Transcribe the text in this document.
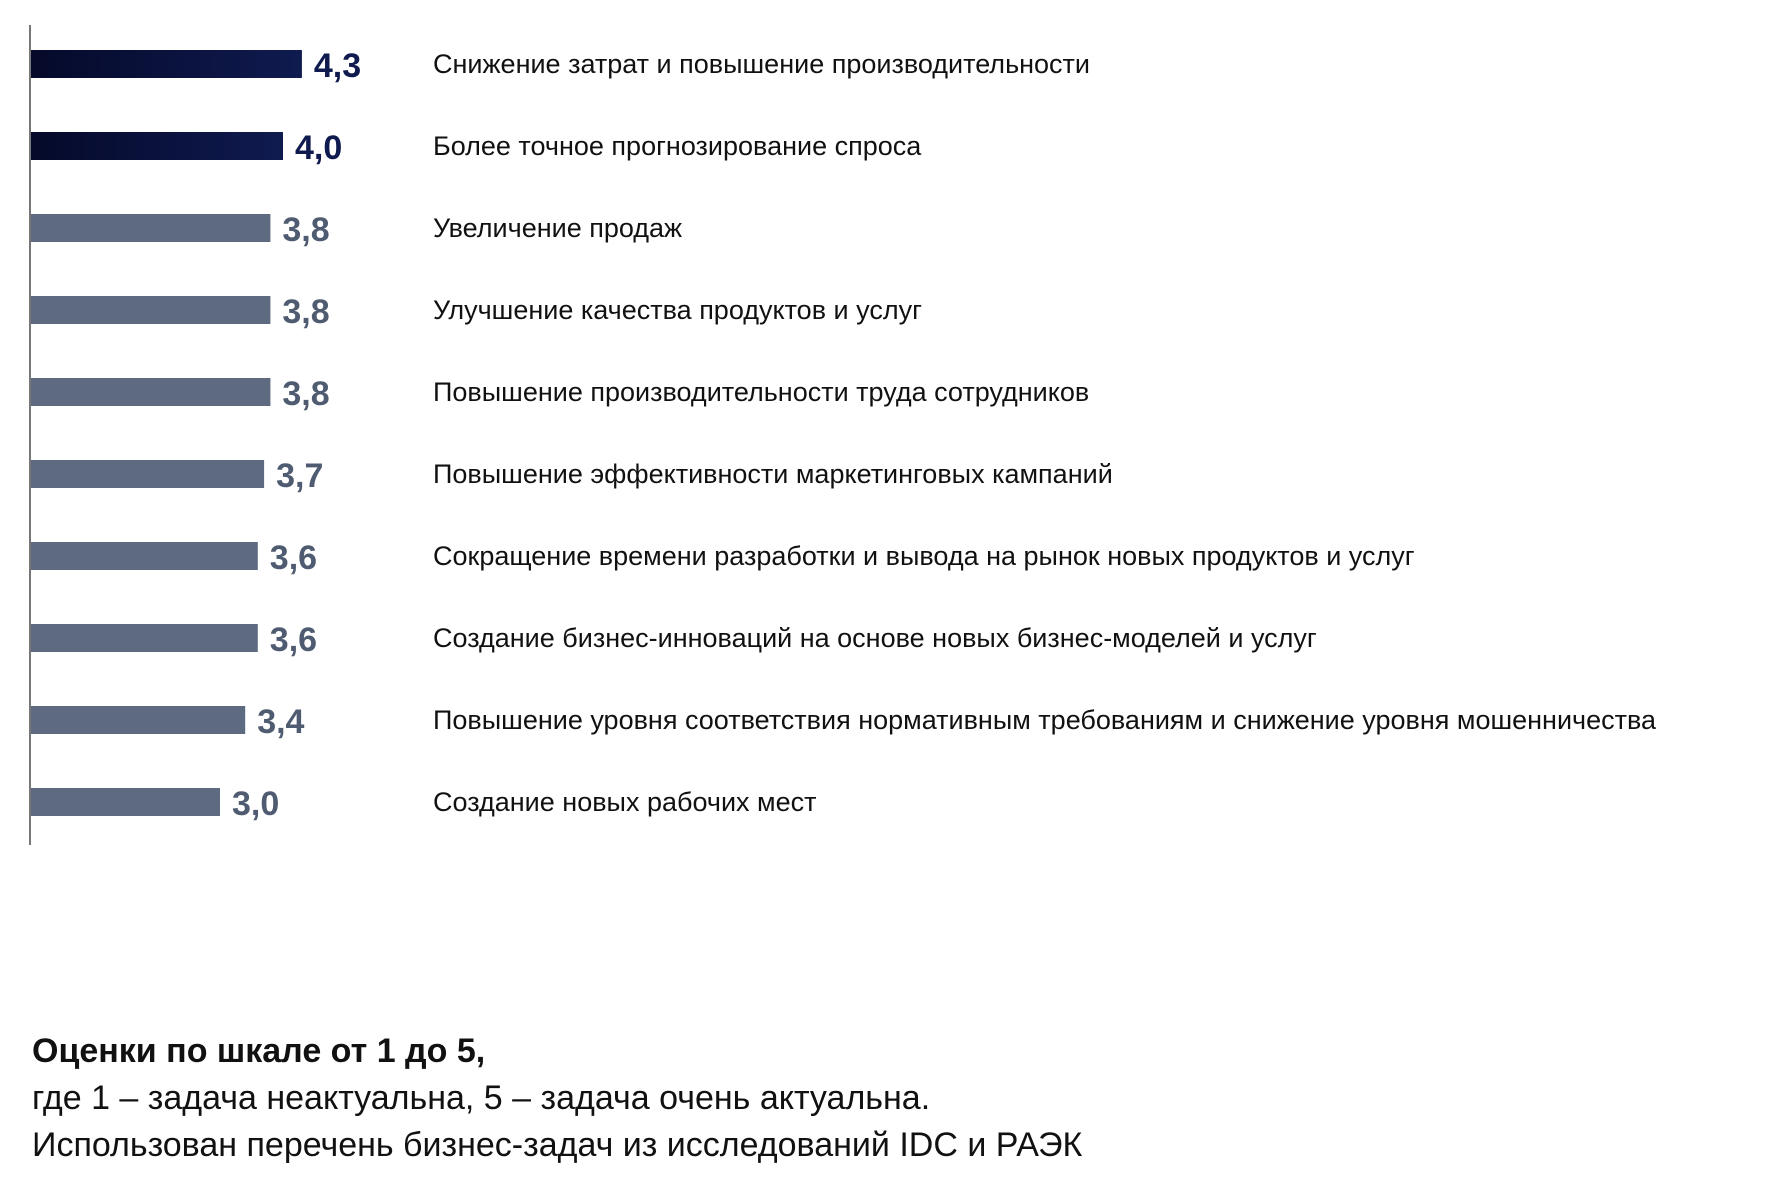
4,3	Снижение затрат и повышение производительности
4,0	Более точное прогнозирование спроса
3,8	Увеличение продаж
3,8	Улучшение качества продуктов и услуг
3,8	Повышение производительности труда сотрудников
3,7	Повышение эффективности маркетинговых кампаний
3,6	Сокращение времени разработки и вывода на рынок новых продуктов и услуг
3,6	Создание бизнес-инноваций на основе новых бизнес-моделей и услуг
3,4	Повышение уровня соответствия нормативным требованиям и снижение уровня мошенничества
3,0	Создание новых рабочих мест
Оценки по шкале от 1 до 5,
где 1 – задача неактуальна, 5 – задача очень актуальна.
Использован перечень бизнес-задач из исследований IDC и РАЭК
